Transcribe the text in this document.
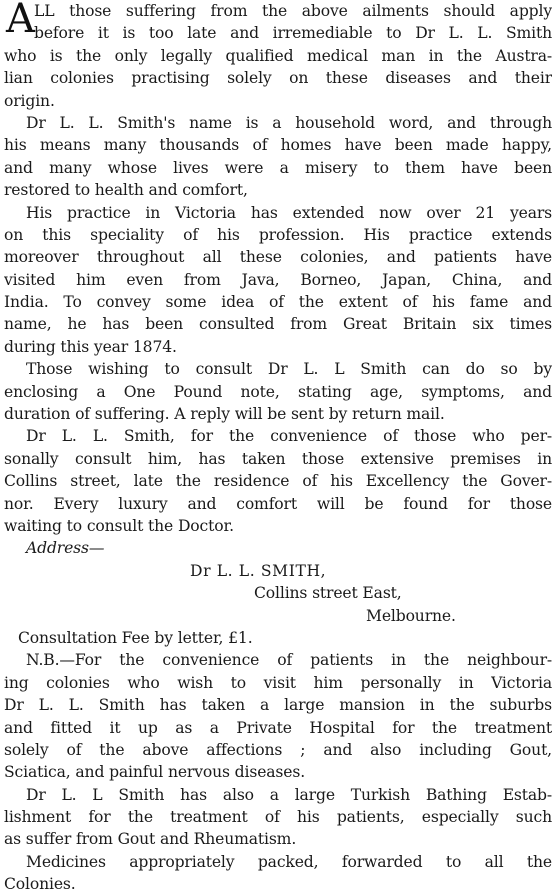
A LL those suffering from the above ailments should apply
before it is too late and irremediable to Dr L. L. Smith
who is the only legally qualified medical man in the Austra-
lian colonies practising solely on these diseases and their
origin.
Dr L. L. Smith's name is a household word, and through
his means many thousands of homes have been made happy,
and many whose lives were a misery to them have been
restored to health and comfort,
His practice in Victoria has extended now over 21 years
on this speciality of his profession. His practice extends
moreover throughout all these colonies, and patients have
visited him even from Java, Borneo, Japan, China, and
India. To convey some idea of the extent of his fame and
name, he has been consulted from Great Britain six times
during this year 1874.
Those wishing to consult Dr L. L Smith can do so by
enclosing a One Pound note, stating age, symptoms, and
duration of suffering. A reply will be sent by return mail.
Dr L. L. Smith, for the convenience of those who per-
sonally consult him, has taken those extensive premises in
Collins street, late the residence of his Excellency the Gover-
nor. Every luxury and comfort will be found for those
waiting to consult the Doctor.
Address—
Dr L. L. SMITH,
Collins street East,
Melbourne.
Consultation Fee by letter, £1.
N.B.—For the convenience of patients in the neighbour-
ing colonies who wish to visit him personally in Victoria
Dr L. L. Smith has taken a large mansion in the suburbs
and fitted it up as a Private Hospital for the treatment
solely of the above affections ; and also including Gout,
Sciatica, and painful nervous diseases.
Dr L. L Smith has also a large Turkish Bathing Estab-
lishment for the treatment of his patients, especially such
as suffer from Gout and Rheumatism.
Medicines appropriately packed, forwarded to all the
Colonies.
